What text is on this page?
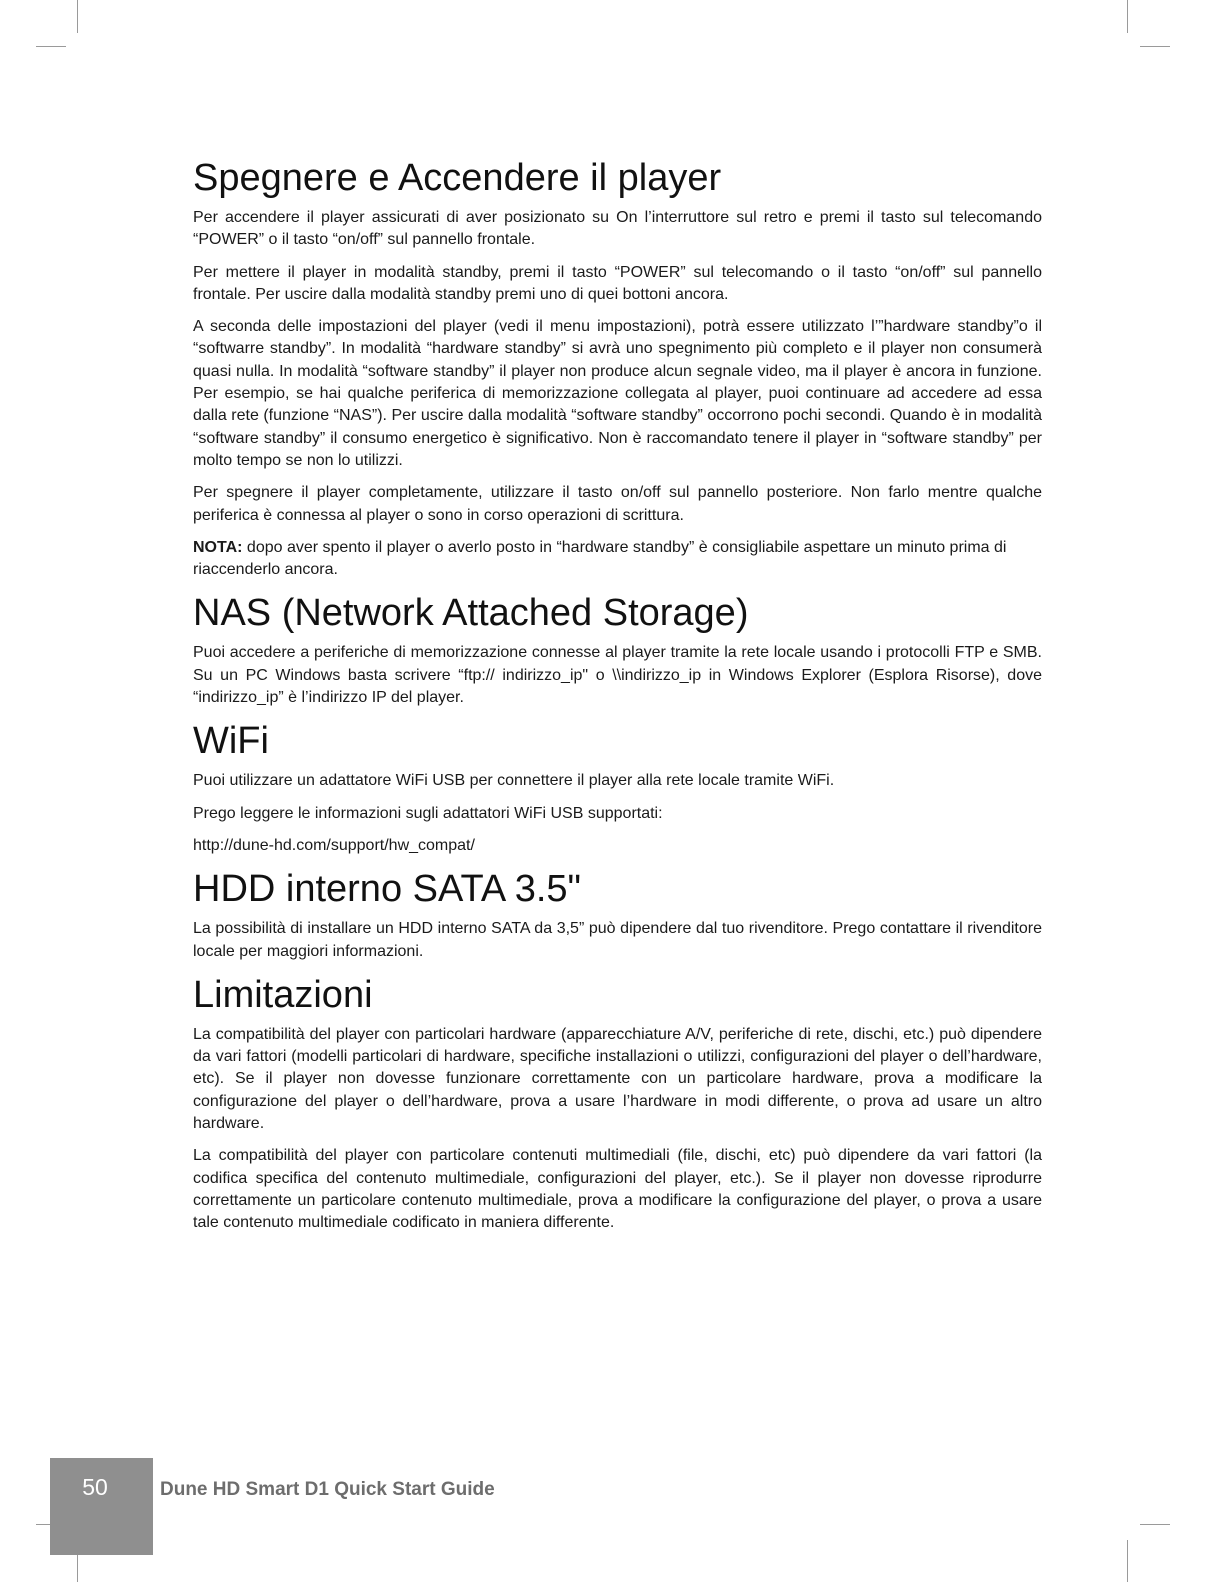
Spegnere e Accendere il player

Per accendere il player assicurati di aver posizionato su On l’interruttore sul retro e premi il tasto sul telecomando “POWER” o il tasto “on/off” sul pannello frontale.

Per mettere il player in modalità standby, premi il tasto “POWER” sul telecomando o il tasto “on/off” sul pannello frontale. Per uscire dalla modalità standby premi uno di quei bottoni ancora.

A seconda delle impostazioni del player (vedi il menu impostazioni), potrà essere utilizzato l’”hardware standby”o il “softwarre standby”. In modalità “hardware standby” si avrà uno spegnimento più completo e il player non consumerà quasi nulla. In modalità “software standby” il player non produce alcun segnale video, ma il player è ancora in funzione. Per esempio, se hai qualche periferica di memorizzazione collegata al player, puoi continuare ad accedere ad essa dalla rete (funzione “NAS”). Per uscire dalla modalità “software standby” occorrono pochi secondi. Quando è in modalità “software standby” il consumo energetico è significativo. Non è raccomandato tenere il player in “software standby” per molto tempo se non lo utilizzi.

Per spegnere il player completamente, utilizzare il tasto on/off sul pannello posteriore. Non farlo mentre qualche periferica è connessa al player o sono in corso operazioni di scrittura.

NOTA: dopo aver spento il player o averlo posto in “hardware standby” è consigliabile aspettare un minuto prima di riaccenderlo ancora.

NAS (Network Attached Storage)

Puoi accedere a periferiche di memorizzazione connesse al player tramite la rete locale usando i protocolli FTP e SMB. Su un PC Windows basta scrivere “ftp:// indirizzo_ip" o \\indirizzo_ip in Windows Explorer (Esplora Risorse), dove “indirizzo_ip” è l’indirizzo IP del player.

WiFi

Puoi utilizzare un adattatore WiFi USB per connettere il player alla rete locale tramite WiFi.

Prego leggere le informazioni sugli adattatori WiFi USB supportati:

http://dune-hd.com/support/hw_compat/

HDD interno SATA 3.5"

La possibilità di installare un HDD interno SATA da 3,5” può dipendere dal tuo rivenditore. Prego contattare il rivenditore locale per maggiori informazioni.

Limitazioni

La compatibilità del player con particolari hardware (apparecchiature A/V, periferiche di rete, dischi, etc.) può dipendere da vari fattori (modelli particolari di hardware, specifiche installazioni o utilizzi, configurazioni del player o dell’hardware, etc). Se il player non dovesse funzionare correttamente con un particolare hardware, prova a modificare la configurazione del player o dell’hardware, prova a usare l’hardware in modi differente, o prova ad usare un altro hardware.

La compatibilità del player con particolare contenuti multimediali (file, dischi, etc) può dipendere da vari fattori (la codifica specifica del contenuto multimediale, configurazioni del player, etc.). Se il player non dovesse riprodurre correttamente un particolare contenuto multimediale, prova a modificare la configurazione del player, o prova a usare tale contenuto multimediale codificato in maniera differente.

50	Dune HD Smart D1 Quick Start Guide
